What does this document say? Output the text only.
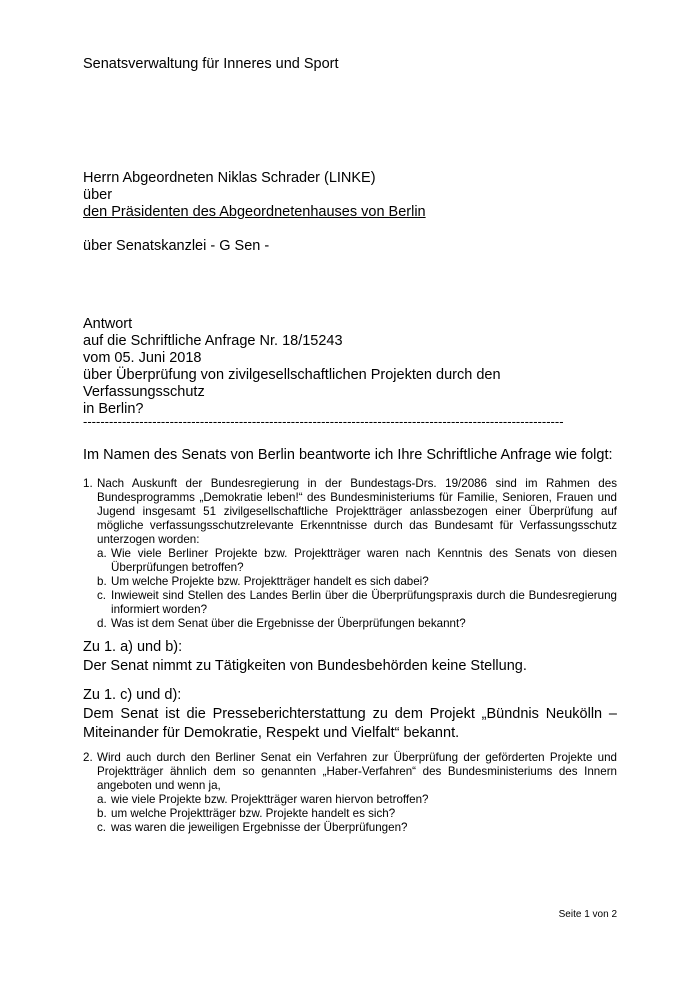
Senatsverwaltung für Inneres und Sport
Herrn Abgeordneten Niklas Schrader (LINKE)
über
den Präsidenten des Abgeordnetenhauses von Berlin
über Senatskanzlei - G Sen -
Antwort
auf die Schriftliche Anfrage Nr. 18/15243
vom 05. Juni 2018
über Überprüfung von zivilgesellschaftlichen Projekten durch den Verfassungsschutz
in Berlin?
---------------------------------------------------------------------------------------------------------------
Im Namen des Senats von Berlin beantworte ich Ihre Schriftliche Anfrage wie folgt:
1. Nach Auskunft der Bundesregierung in der Bundestags-Drs. 19/2086 sind im Rahmen des Bundesprogramms „Demokratie leben!“ des Bundesministeriums für Familie, Senioren, Frauen und Jugend insgesamt 51 zivilgesellschaftliche Projektträger anlassbezogen einer Überprüfung auf mögliche verfassungsschutzrelevante Erkenntnisse durch das Bundesamt für Verfassungsschutz unterzogen worden:
a. Wie viele Berliner Projekte bzw. Projektträger waren nach Kenntnis des Senats von diesen Überprüfungen betroffen?
b. Um welche Projekte bzw. Projektträger handelt es sich dabei?
c. Inwieweit sind Stellen des Landes Berlin über die Überprüfungspraxis durch die Bundesregierung informiert worden?
d. Was ist dem Senat über die Ergebnisse der Überprüfungen bekannt?
Zu 1. a) und b):
Der Senat nimmt zu Tätigkeiten von Bundesbehörden keine Stellung.
Zu 1. c) und d):
Dem Senat ist die Presseberichterstattung zu dem Projekt „Bündnis Neukölln – Miteinander für Demokratie, Respekt und Vielfalt“ bekannt.
2. Wird auch durch den Berliner Senat ein Verfahren zur Überprüfung der geförderten Projekte und Projektträger ähnlich dem so genannten „Haber-Verfahren“ des Bundesministeriums des Innern angeboten und wenn ja,
a. wie viele Projekte bzw. Projektträger waren hiervon betroffen?
b. um welche Projektträger bzw. Projekte handelt es sich?
c. was waren die jeweiligen Ergebnisse der Überprüfungen?
Seite 1 von 2
